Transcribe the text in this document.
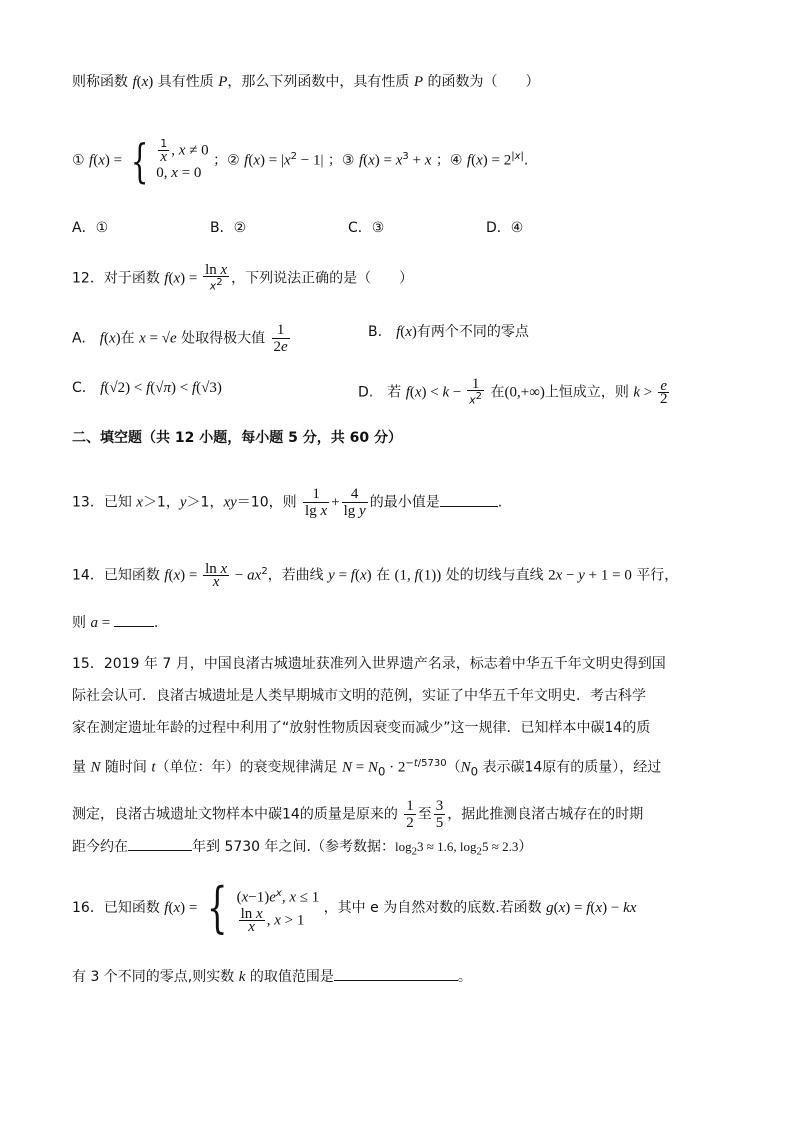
则称函数 f(x) 具有性质 P，那么下列函数中，具有性质 P 的函数为（　　）
① f(x) = { $\frac{1}{x}$ , x ≠ 0
0, x = 0
；② $f(x) = |x^2 - 1|$ ；③ $f(x) = x^3 + x$ ；④ $f(x) = 2^{|x|}$.
A．①	B．②	C．③	D．④
12．对于函数 $f(x) = \frac{\text{ln x}}{x^2}$ ，下列说法正确的是（　　）
A.　f(x)在 x = √e 处取得极大值 $\frac{1}{2e}$	B.　f(x)有两个不同的零点
C.　f(√2) < f(√π) < f(√3)	D.　若 $f(x) < k - \frac{1}{x^2}$ 在(0,+∞)上恒成立，则 $k > \frac{e}{2}$
二、填空题（共 12 小题，每小题 5 分，共 60 分）
13．已知 x＞1，y＞1，xy＝10，则 $\frac{1}{\text{lg x}} + \frac{4}{\text{lg y}}$ 的最小值是	.
14．已知函数 $f(x) = \frac{\text{ln x}}{x} - ax^2$，若曲线 y = f(x) 在 (1, f(1)) 处的切线与直线 2x − y + 1 = 0 平行，
则 a =	.
15．2019 年 7 月，中国良渚古城遗址获准列入世界遗产名录，标志着中华五千年文明史得到国
际社会认可．良渚古城遗址是人类早期城市文明的范例，实证了中华五千年文明史．考古科学
家在测定遗址年龄的过程中利用了“放射性物质因衰变而减少”这一规律．已知样本中碳14的质
量 N 随时间 t（单位：年）的衰变规律满足 $N = N_0 \cdot 2^{-t/5730}(N_0$ 表示碳14原有的质量），经过
测定，良渚古城遗址文物样本中碳14的质量是原来的 $\frac{1}{2}$ 至 $\frac{3}{5}$ ，据此推测良渚古城存在的时期
距今约在	年到 5730 年之间.（参考数据：$\log_23 \approx 1.6$, $\log_25 \approx 2.3$）
16．已知函数 f(x) = { $(x-1)e^x$, x ≤ 1
$\frac{\text{ln x}}{x}$ , x > 1
，其中 e 为自然对数的底数.若函数 g(x) = f(x) − kx
有 3 个不同的零点,则实数 k 的取值范围是	。
